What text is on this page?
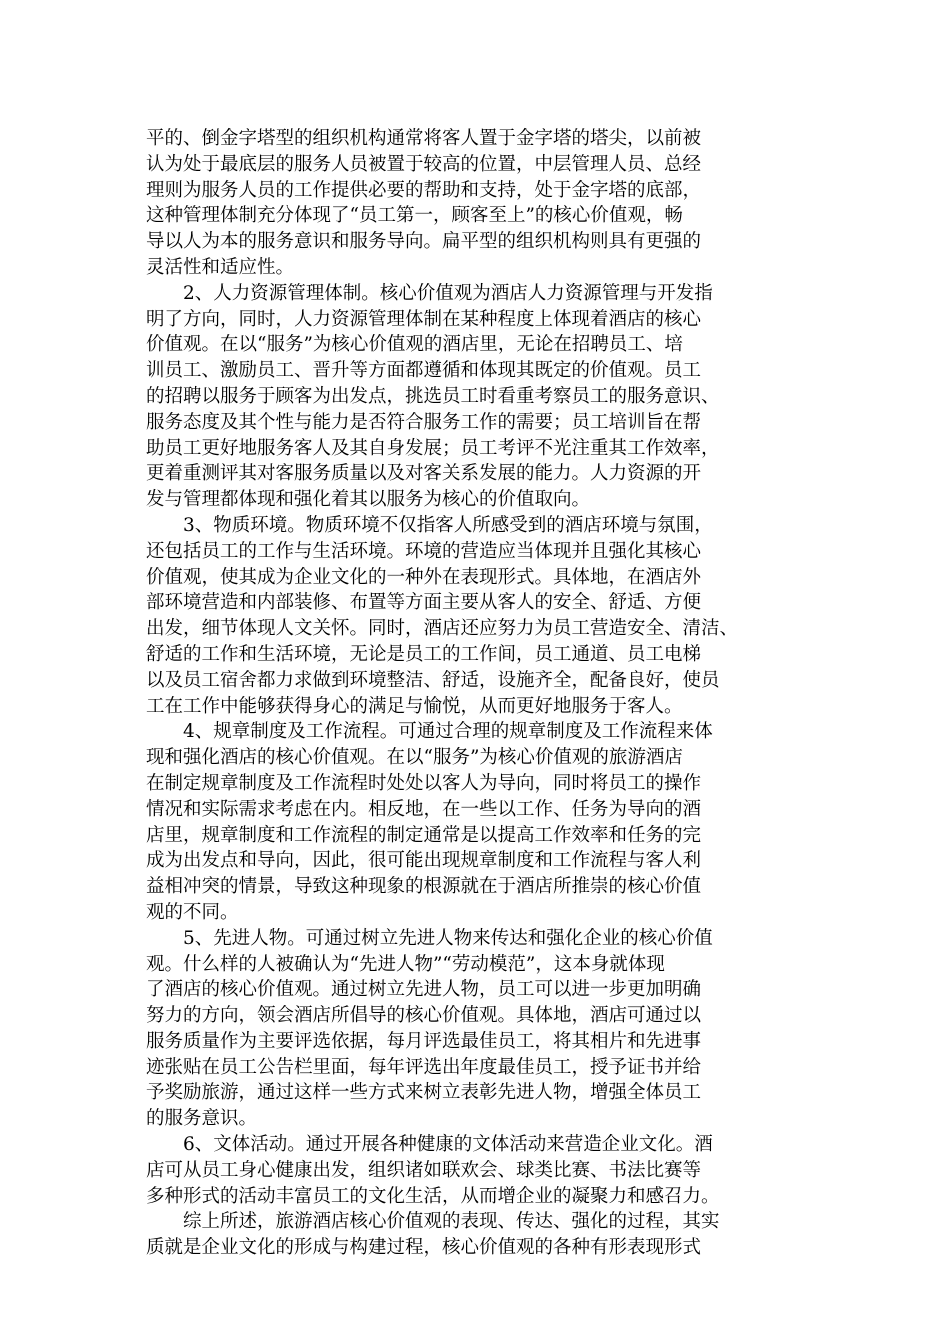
平的、倒金字塔型的组织机构通常将客人置于金字塔的塔尖，以前被
认为处于最底层的服务人员被置于较高的位置，中层管理人员、总经
理则为服务人员的工作提供必要的帮助和支持，处于金字塔的底部，
这种管理体制充分体现了“员工第一，顾客至上”的核心价值观，畅
导以人为本的服务意识和服务导向。扁平型的组织机构则具有更强的
灵活性和适应性。

　　2、人力资源管理体制。核心价值观为酒店人力资源管理与开发指
明了方向，同时，人力资源管理体制在某种程度上体现着酒店的核心
价值观。在以“服务”为核心价值观的酒店里，无论在招聘员工、培
训员工、激励员工、晋升等方面都遵循和体现其既定的价值观。员工
的招聘以服务于顾客为出发点，挑选员工时看重考察员工的服务意识、
服务态度及其个性与能力是否符合服务工作的需要；员工培训旨在帮
助员工更好地服务客人及其自身发展；员工考评不光注重其工作效率，
更着重测评其对客服务质量以及对客关系发展的能力。人力资源的开
发与管理都体现和强化着其以服务为核心的价值取向。

　　3、物质环境。物质环境不仅指客人所感受到的酒店环境与氛围，
还包括员工的工作与生活环境。环境的营造应当体现并且强化其核心
价值观，使其成为企业文化的一种外在表现形式。具体地，在酒店外
部环境营造和内部装修、布置等方面主要从客人的安全、舒适、方便
出发，细节体现人文关怀。同时，酒店还应努力为员工营造安全、清洁、
舒适的工作和生活环境，无论是员工的工作间，员工通道、员工电梯
以及员工宿舍都力求做到环境整洁、舒适，设施齐全，配备良好，使员
工在工作中能够获得身心的满足与愉悦，从而更好地服务于客人。

　　4、规章制度及工作流程。可通过合理的规章制度及工作流程来体
现和强化酒店的核心价值观。在以“服务”为核心价值观的旅游酒店
在制定规章制度及工作流程时处处以客人为导向，同时将员工的操作
情况和实际需求考虑在内。相反地，在一些以工作、任务为导向的酒
店里，规章制度和工作流程的制定通常是以提高工作效率和任务的完
成为出发点和导向，因此，很可能出现规章制度和工作流程与客人利
益相冲突的情景，导致这种现象的根源就在于酒店所推崇的核心价值
观的不同。

　　5、先进人物。可通过树立先进人物来传达和强化企业的核心价值
观。什么样的人被确认为“先进人物”“劳动模范”，这本身就体现
了酒店的核心价值观。通过树立先进人物，员工可以进一步更加明确
努力的方向，领会酒店所倡导的核心价值观。具体地，酒店可通过以
服务质量作为主要评选依据，每月评选最佳员工，将其相片和先进事
迹张贴在员工公告栏里面，每年评选出年度最佳员工，授予证书并给
予奖励旅游，通过这样一些方式来树立表彰先进人物，增强全体员工
的服务意识。

　　6、文体活动。通过开展各种健康的文体活动来营造企业文化。酒
店可从员工身心健康出发，组织诸如联欢会、球类比赛、书法比赛等
多种形式的活动丰富员工的文化生活，从而增企业的凝聚力和感召力。

　　综上所述，旅游酒店核心价值观的表现、传达、强化的过程，其实
质就是企业文化的形成与构建过程，核心价值观的各种有形表现形式
